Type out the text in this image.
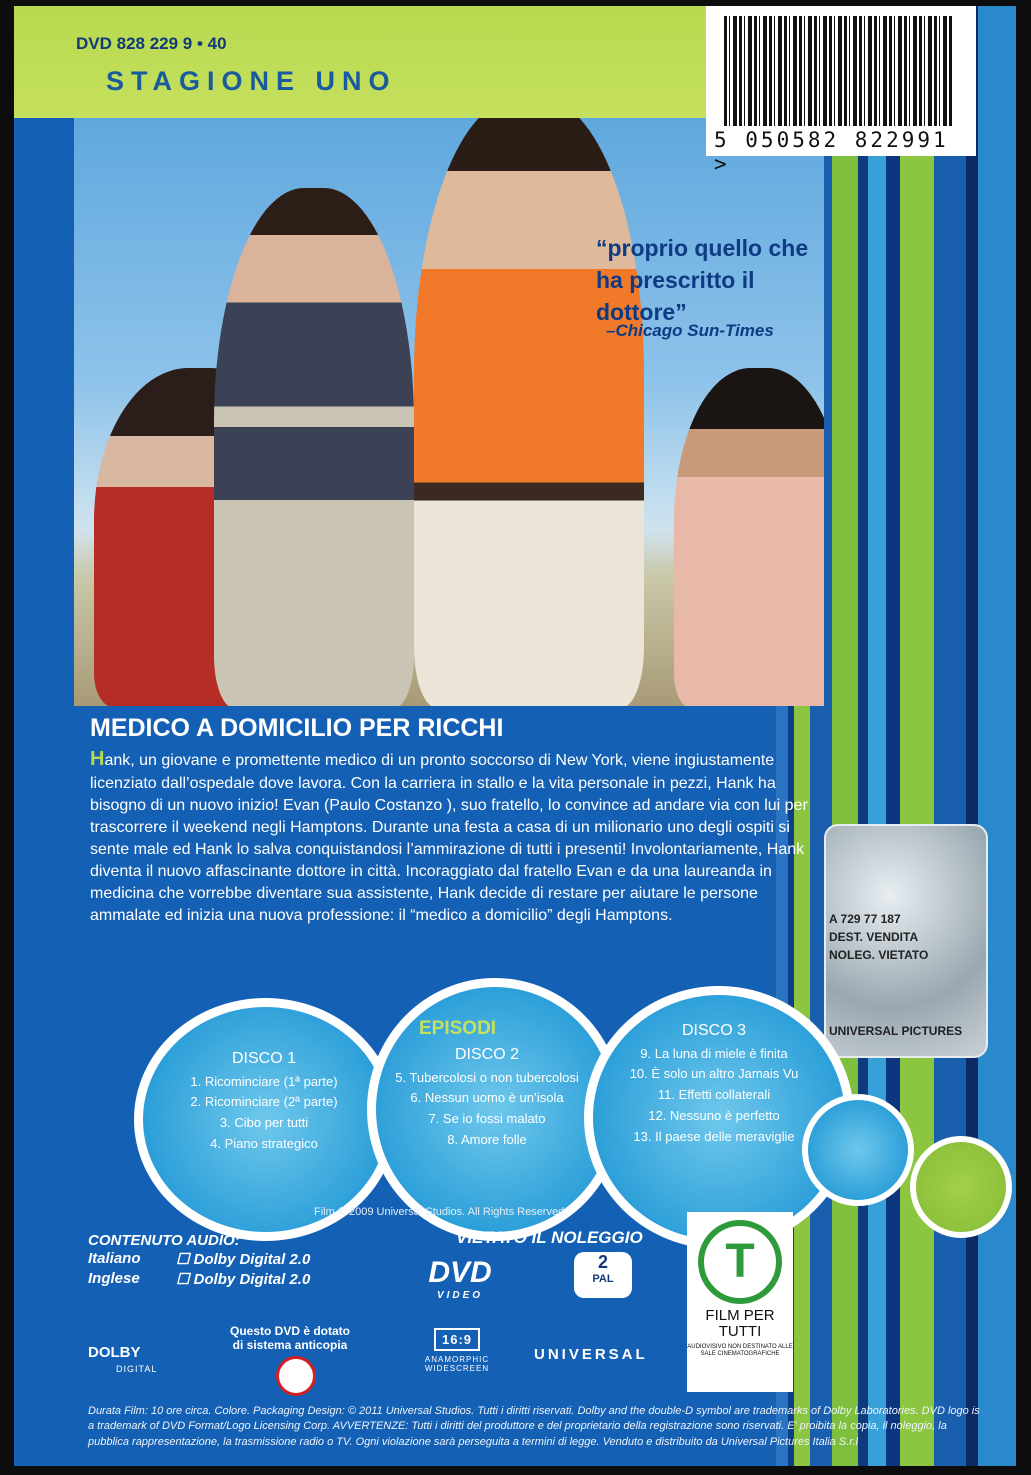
DVD 828 229 9 • 40
STAGIONE UNO
5 050582 822991 >
“proprio quello che ha prescritto il dottore”
–Chicago Sun-Times
MEDICO A DOMICILIO PER RICCHI
Hank, un giovane e promettente medico di un pronto soccorso di New York, viene ingiustamente licenziato dall’ospedale dove lavora. Con la carriera in stallo e la vita personale in pezzi, Hank ha bisogno di un nuovo inizio! Evan (Paulo Costanzo ), suo fratello, lo convince ad andare via con lui per trascorrere il weekend negli Hamptons. Durante una festa a casa di un milionario uno degli ospiti si sente male ed Hank lo salva conquistandosi l’ammirazione di tutti i presenti! Involontariamente, Hank diventa il nuovo affascinante dottore in città. Incoraggiato dal fratello Evan e da una laureanda in medicina che vorrebbe diventare sua assistente, Hank decide di restare per aiutare le persone ammalate ed inizia una nuova professione: il “medico a domicilio” degli Hamptons.	A 729 77 187
DEST. VENDITA
NOLEG. VIETATO
UNIVERSAL PICTURES
EPISODI
DISCO 1
1. Ricominciare (1ª parte)
2. Ricominciare (2ª parte)
3. Cibo per tutti
4. Piano strategico
DISCO 2
5. Tubercolosi o non tubercolosi
6. Nessun uomo è un’isola
7. Se io fossi malato
8. Amore folle
DISCO 3
9. La luna di miele è finita
10. È solo un altro Jamais Vu
11. Effetti collaterali
12. Nessuno è perfetto
13. Il paese delle meraviglie
Film © 2009 Universal Studios. All Rights Reserved.
CONTENUTO AUDIO:
Italiano ☐ Dolby Digital 2.0
Inglese ☐ Dolby Digital 2.0
VIETATO IL NOLEGGIO
DVD
VIDEO
2
PAL	T
FILM PER TUTTI
AUDIOVISIVO NON DESTINATO ALLE SALE CINEMATOGRAFICHE
Questo DVD è dotato di sistema anticopia	16:9
ANAMORPHIC WIDESCREEN
UNIVERSAL
DOLBY
DIGITAL
Durata Film: 10 ore circa. Colore. Packaging Design: © 2011 Universal Studios. Tutti i diritti riservati. Dolby and the double-D symbol are trademarks of Dolby Laboratories. DVD logo is a trademark of DVD Format/Logo Licensing Corp. AVVERTENZE: Tutti i diritti del produttore e del proprietario della registrazione sono riservati. E’ proibita la copia, il noleggio, la pubblica rappresentazione, la trasmissione radio o TV. Ogni violazione sarà perseguita a termini di legge. Venduto e distribuito da Universal Pictures Italia S.r.l
